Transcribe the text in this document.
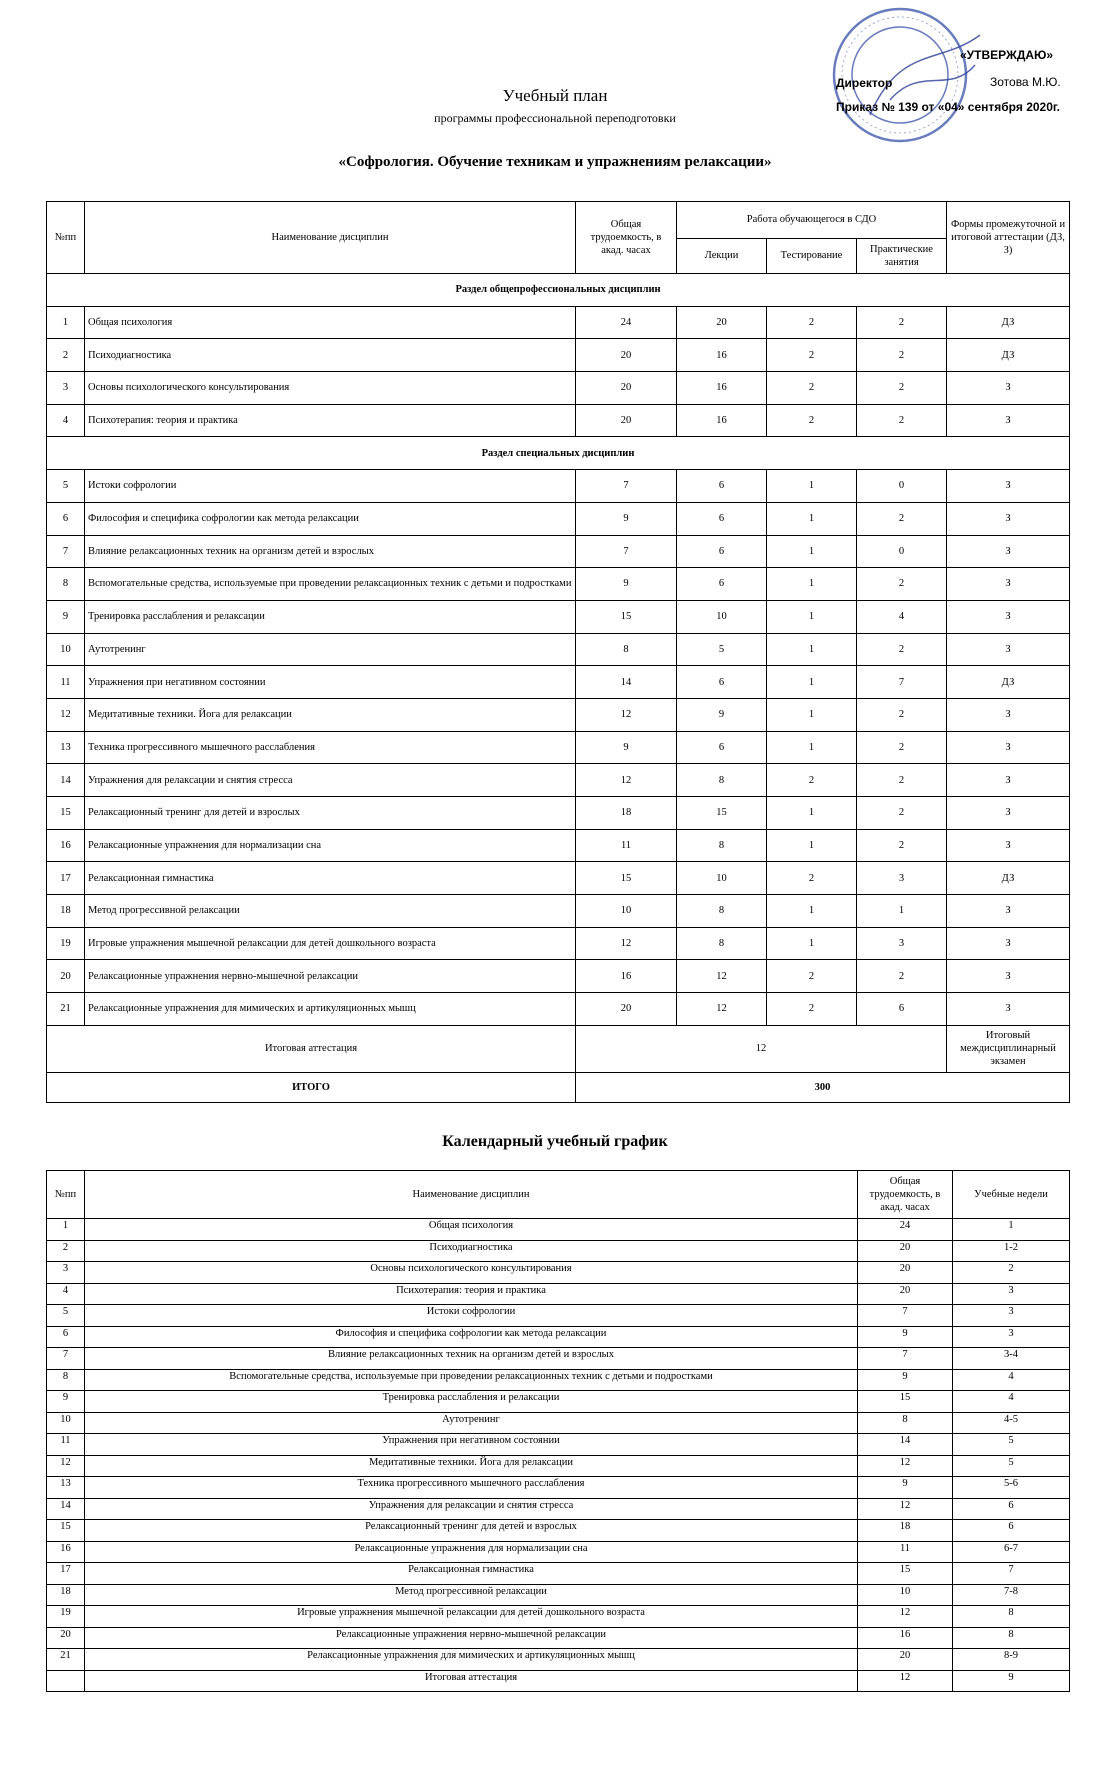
«УТВЕРЖДАЮ»
Директор	Зотова М.Ю.
Приказ № 139 от «04» сентября 2020г.
Учебный план
программы профессиональной переподготовки
«Софрология. Обучение техникам и упражнениям релаксации»
№пп	Наименование дисциплин	Общая трудоемкость, в акад. часах	Работа обучающегося в СДО			Формы промежуточной и итоговой аттестации (ДЗ, З)
			Лекции	Тестирование	Практические занятия	
Раздел общепрофессиональных дисциплин						
1	Общая психология	24	20	2	2	ДЗ
2	Психодиагностика	20	16	2	2	ДЗ
3	Основы психологического консультирования	20	16	2	2	З
4	Психотерапия: теория и практика	20	16	2	2	З
Раздел специальных дисциплин						
5	Истоки софрологии	7	6	1	0	З
6	Философия и специфика софрологии как метода релаксации	9	6	1	2	З
7	Влияние релаксационных техник на организм детей и взрослых	7	6	1	0	З
8	Вспомогательные средства, используемые при проведении релаксационных техник с детьми и подростками	9	6	1	2	З
9	Тренировка расслабления и релаксации	15	10	1	4	З
10	Аутотренинг	8	5	1	2	З
11	Упражнения при негативном состоянии	14	6	1	7	ДЗ
12	Медитативные техники. Йога для релаксации	12	9	1	2	З
13	Техника прогрессивного мышечного расслабления	9	6	1	2	З
14	Упражнения для релаксации и снятия стресса	12	8	2	2	З
15	Релаксационный тренинг для детей и взрослых	18	15	1	2	З
16	Релаксационные упражнения для нормализации сна	11	8	1	2	З
17	Релаксационная гимнастика	15	10	2	3	ДЗ
18	Метод прогрессивной релаксации	10	8	1	1	З
19	Игровые упражнения мышечной релаксации для детей дошкольного возраста	12	8	1	3	З
20	Релаксационные упражнения нервно-мышечной релаксации	16	12	2	2	З
21	Релаксационные упражнения для мимических и артикуляционных мышц	20	12	2	6	З
Итоговая аттестация		12				Итоговый междисциплинарный экзамен
ИТОГО		300				
Календарный учебный график
№пп	Наименование дисциплин	Общая трудоемкость, в акад. часах	Учебные недели
1	Общая психология	24	1
2	Психодиагностика	20	1-2
3	Основы психологического консультирования	20	2
4	Психотерапия: теория и практика	20	3
5	Истоки софрологии	7	3
6	Философия и специфика софрологии как метода релаксации	9	3
7	Влияние релаксационных техник на организм детей и взрослых	7	3-4
8	Вспомогательные средства, используемые при проведении релаксационных техник с детьми и подростками	9	4
9	Тренировка расслабления и релаксации	15	4
10	Аутотренинг	8	4-5
11	Упражнения при негативном состоянии	14	5
12	Медитативные техники. Йога для релаксации	12	5
13	Техника прогрессивного мышечного расслабления	9	5-6
14	Упражнения для релаксации и снятия стресса	12	6
15	Релаксационный тренинг для детей и взрослых	18	6
16	Релаксационные упражнения для нормализации сна	11	6-7
17	Релаксационная гимнастика	15	7
18	Метод прогрессивной релаксации	10	7-8
19	Игровые упражнения мышечной релаксации для детей дошкольного возраста	12	8
20	Релаксационные упражнения нервно-мышечной релаксации	16	8
21	Релаксационные упражнения для мимических и артикуляционных мышц	20	8-9
	Итоговая аттестация	12	9
